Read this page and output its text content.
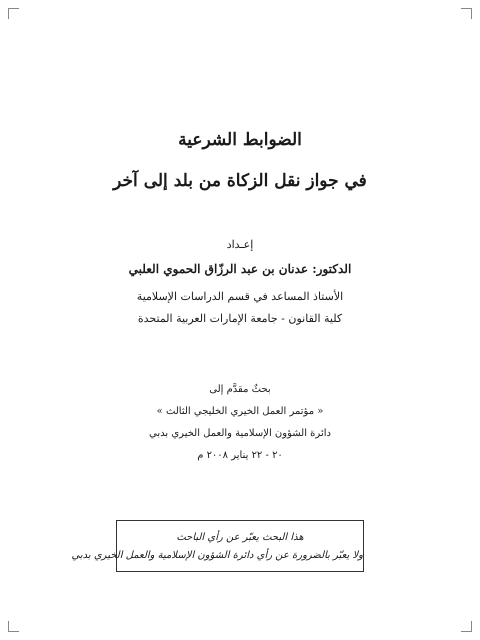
الضوابط الشرعية
في جواز نقل الزكاة من بلد إلى آخر
إعـداد
الدكتور: عدنان بن عبد الرزّاق الحموي العلبي
الأستاذ المساعد في قسم الدراسات الإسلامية
كلية القانون - جامعة الإمارات العربية المتحدة
بحثٌ مقدَّم إلى
« مؤتمر العمل الخيري الخليجي الثالث »
دائرة الشؤون الإسلامية والعمل الخيري بدبي
٢٠ - ٢٢ يناير ٢٠٠٨ م
هذا البحث يعبّر عن رأي الباحث
ولا يعبّر بالضرورة عن رأي دائرة الشؤون الإسلامية والعمل الخيري بدبي
